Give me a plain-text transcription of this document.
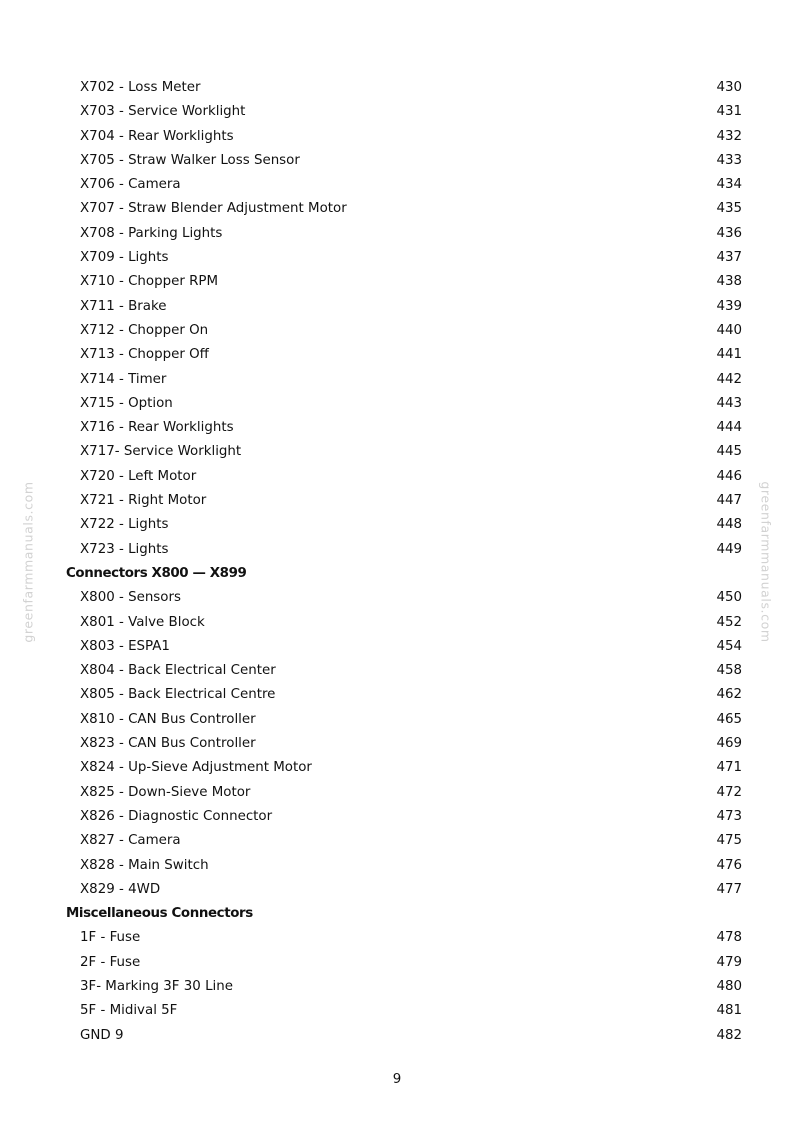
greenfarmmanuals.com	greenfarmmanuals.com
X702 - Loss Meter	430
X703 - Service Worklight	431
X704 - Rear Worklights	432
X705 - Straw Walker Loss Sensor	433
X706 - Camera	434
X707 - Straw Blender Adjustment Motor	435
X708 - Parking Lights	436
X709 - Lights	437
X710 - Chopper RPM	438
X711 - Brake	439
X712 - Chopper On	440
X713 - Chopper Off	441
X714 - Timer	442
X715 - Option	443
X716 - Rear Worklights	444
X717- Service Worklight	445
X720 - Left Motor	446
X721 - Right Motor	447
X722 - Lights	448
X723 - Lights	449
Connectors X800 — X899
X800 - Sensors	450
X801 - Valve Block	452
X803 - ESPA1	454
X804 - Back Electrical Center	458
X805 - Back Electrical Centre	462
X810 - CAN Bus Controller	465
X823 - CAN Bus Controller	469
X824 - Up-Sieve Adjustment Motor	471
X825 - Down-Sieve Motor	472
X826 - Diagnostic Connector	473
X827 - Camera	475
X828 - Main Switch	476
X829 - 4WD	477
Miscellaneous Connectors
1F - Fuse	478
2F - Fuse	479
3F- Marking 3F 30 Line	480
5F - Midival 5F	481
GND 9	482
9
